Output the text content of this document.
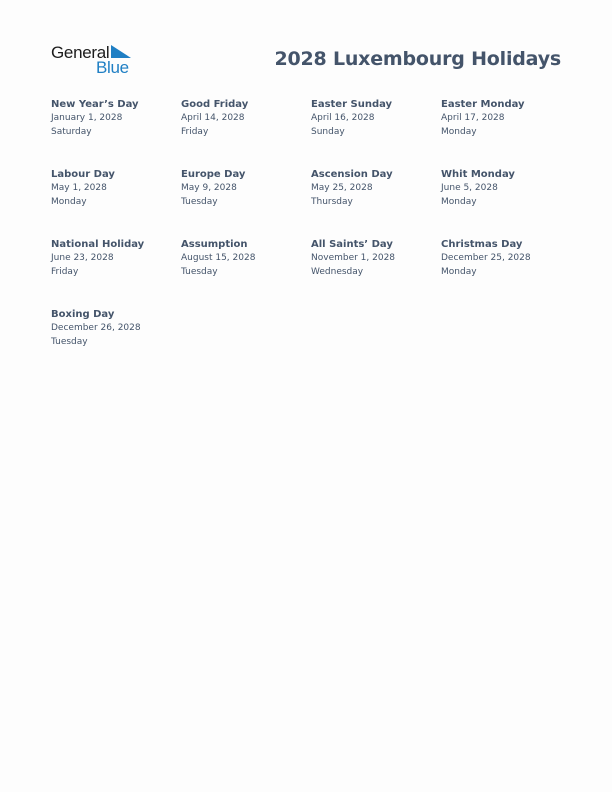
General
Blue	2028 Luxembourg Holidays
New Year’s Day
January 1, 2028
Saturday
Good Friday
April 14, 2028
Friday
Easter Sunday
April 16, 2028
Sunday
Easter Monday
April 17, 2028
Monday
Labour Day
May 1, 2028
Monday
Europe Day
May 9, 2028
Tuesday
Ascension Day
May 25, 2028
Thursday
Whit Monday
June 5, 2028
Monday
National Holiday
June 23, 2028
Friday
Assumption
August 15, 2028
Tuesday
All Saints’ Day
November 1, 2028
Wednesday
Christmas Day
December 25, 2028
Monday
Boxing Day
December 26, 2028
Tuesday
